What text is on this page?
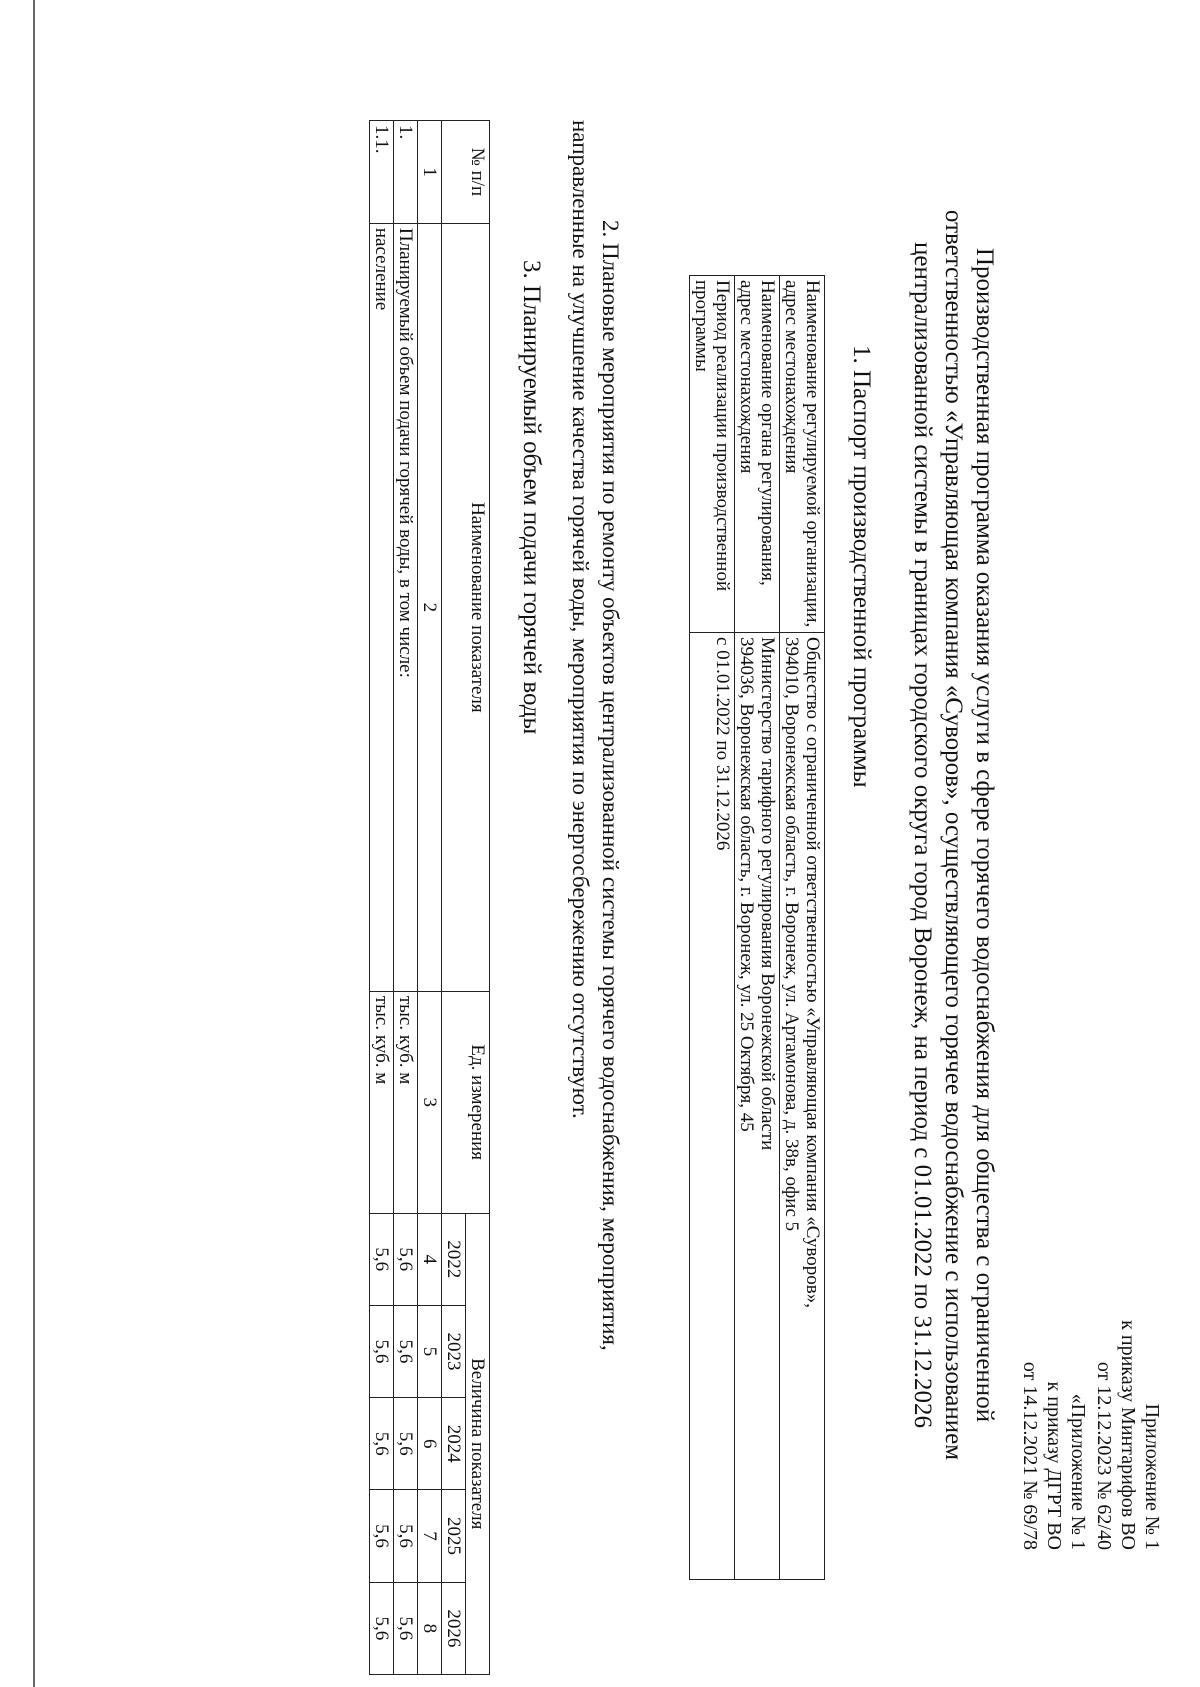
Приложение № 1
к приказу Минтарифов ВО
от 12.12.2023 № 62/40
«Приложение № 1
к приказу ДГРТ ВО
от 14.12.2021 № 69/78
Производственная программа оказания услуги в сфере горячего водоснабжения для общества с ограниченной
ответственностью «Управляющая компания «Суворов», осуществляющего горячее водоснабжение с использованием
централизованной системы в границах городского округа город Воронеж, на период с 01.01.2022 по 31.12.2026
1. Паспорт производственной программы
Наименование регулируемой организации, адрес местонахождения	Общество с ограниченной ответственностью «Управляющая компания «Суворов»,
394010, Воронежская область, г. Воронеж, ул. Артамонова, д. 38в, офис 5

Наименование органа регулирования, адрес местонахождения	Министерство тарифного регулирования Воронежской области
394036, Воронежская область, г. Воронеж, ул. 25 Октября, 45

Период реализации производственной программы	с 01.01.2022 по 31.12.2026
2. Плановые мероприятия по ремонту объектов централизованной системы горячего водоснабжения, мероприятия,
направленные на улучшение качества горячей воды, мероприятия по энергосбережению отсутствуют.
3. Планируемый объем подачи горячей воды
№ п/п	Наименование показателя	Ед. измерения	Величина показателя				
			2022	2023	2024	2025	2026
1	2	3	4	5	6	7	8
1.	Планируемый объем подачи горячей воды, в том числе:	тыс. куб. м	5,6	5,6	5,6	5,6	5,6
1.1.	население	тыс. куб. м	5,6	5,6	5,6	5,6	5,6
